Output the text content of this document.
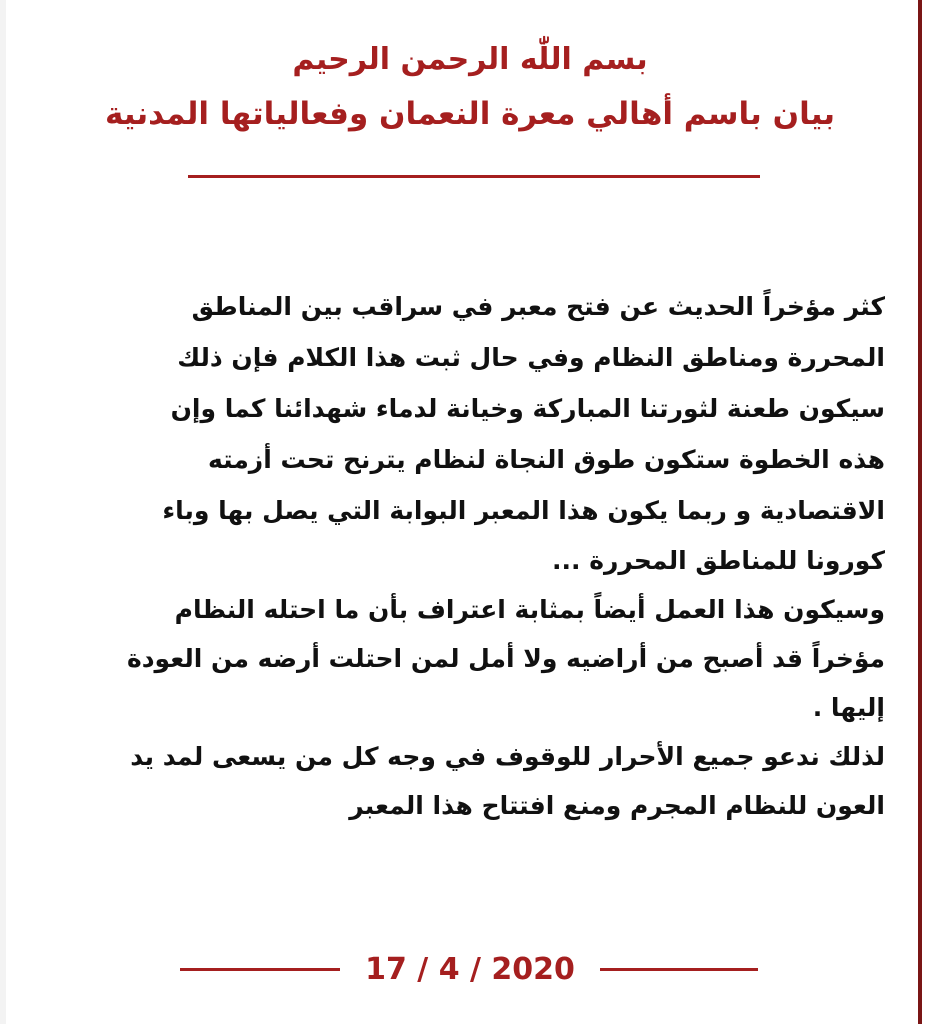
بسم اللّٰه الرحمن الرحيم
بيان باسم أهالي معرة النعمان وفعالياتها المدنية
كثر مؤخراً الحديث عن فتح معبر في سراقب بين المناطق
المحررة ومناطق النظام وفي حال ثبت هذا الكلام فإن ذلك
سيكون طعنة لثورتنا المباركة وخيانة لدماء شهدائنا كما وإن
هذه الخطوة ستكون طوق النجاة لنظام يترنح تحت أزمته
الاقتصادية و ربما يكون هذا المعبر البوابة التي يصل بها وباء
كورونا للمناطق المحررة ...
وسيكون هذا العمل أيضاً بمثابة اعتراف بأن ما احتله النظام
مؤخراً قد أصبح من أراضيه ولا أمل لمن احتلت أرضه من العودة
إليها .
لذلك ندعو جميع الأحرار للوقوف في وجه كل من يسعى لمد يد
العون للنظام المجرم ومنع افتتاح هذا المعبر
17 / 4 / 2020
